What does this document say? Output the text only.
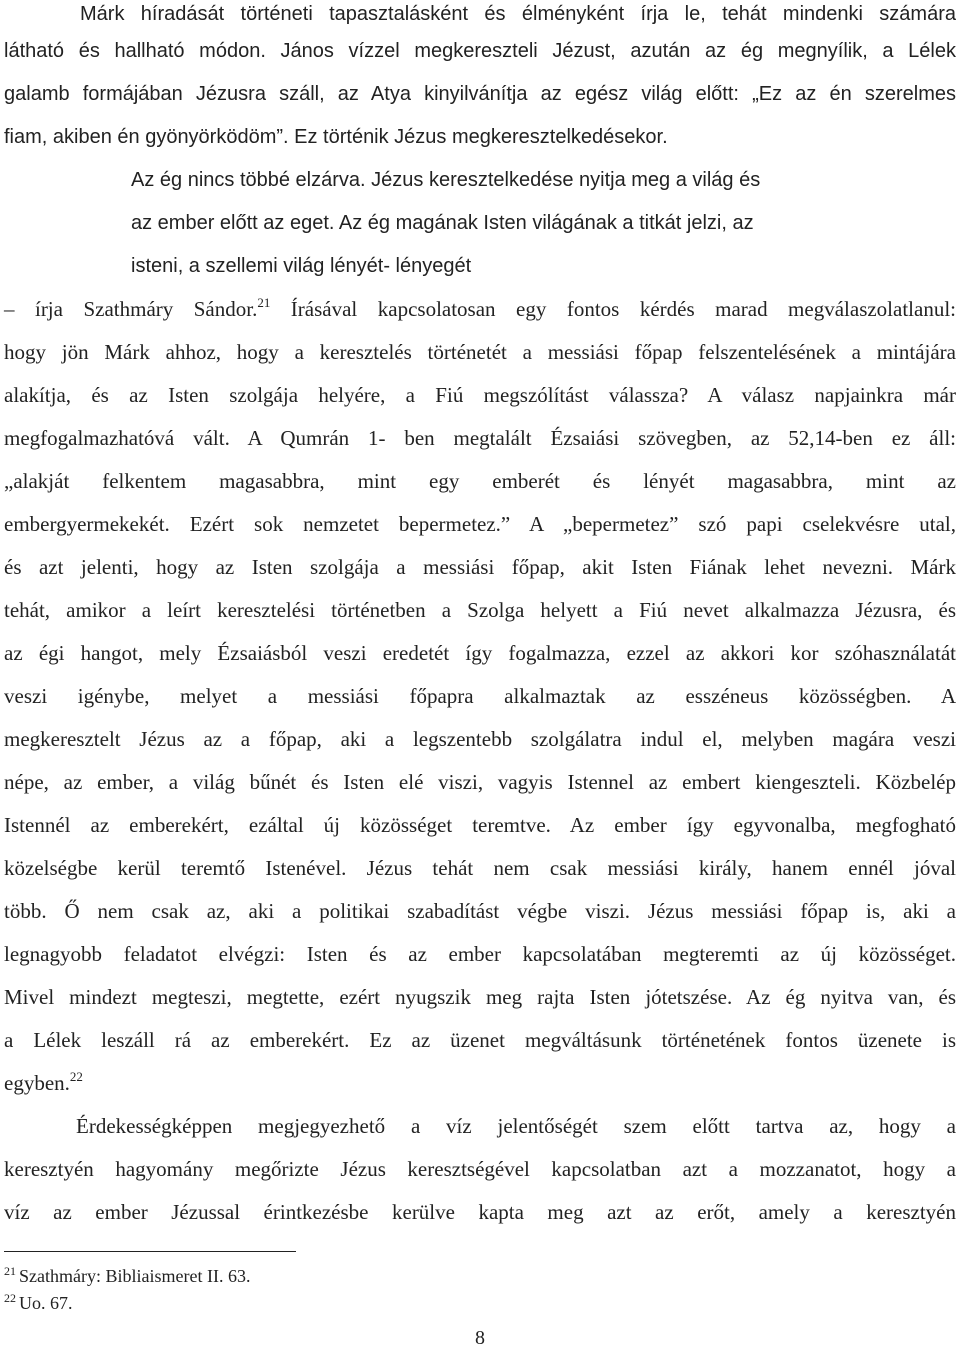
Márk híradását történeti tapasztalásként és élményként írja le, tehát mindenki számára
látható és hallható módon. János vízzel megkereszteli Jézust, azután az ég megnyílik, a Lélek
galamb formájában Jézusra száll, az Atya kinyilvánítja az egész világ előtt: „Ez az én szerelmes
fiam, akiben én gyönyörködöm”. Ez történik Jézus megkeresztelkedésekor.
Az ég nincs többé elzárva. Jézus keresztelkedése nyitja meg a világ és
az ember előtt az eget. Az ég magának Isten világának a titkát jelzi, az
isteni, a szellemi világ lényét- lényegét
– írja Szathmáry Sándor.$^{21}$ Írásával kapcsolatosan egy fontos kérdés marad megválaszolatlanul:
hogy jön Márk ahhoz, hogy a keresztelés történetét a messiási főpap felszentelésének a mintájára
alakítja, és az Isten szolgája helyére, a Fiú megszólítást válassza? A válasz napjainkra már
megfogalmazhatóvá vált. A Qumrán 1- ben megtalált Ézsaiási szövegben, az 52,14-ben ez áll:
„alakját felkentem magasabbra, mint egy emberét és lényét magasabbra, mint az
embergyermekekét. Ezért sok nemzetet bepermetez.” A „bepermetez” szó papi cselekvésre utal,
és azt jelenti, hogy az Isten szolgája a messiási főpap, akit Isten Fiának lehet nevezni. Márk
tehát, amikor a leírt keresztelési történetben a Szolga helyett a Fiú nevet alkalmazza Jézusra, és
az égi hangot, mely Ézsaiásból veszi eredetét így fogalmazza, ezzel az akkori kor szóhasználatát
veszi igénybe, melyet a messiási főpapra alkalmaztak az esszéneus közösségben. A
megkeresztelt Jézus az a főpap, aki a legszentebb szolgálatra indul el, melyben magára veszi
népe, az ember, a világ bűnét és Isten elé viszi, vagyis Istennel az embert kiengeszteli. Közbelép
Istennél az emberekért, ezáltal új közösséget teremtve. Az ember így egyvonalba, megfogható
közelségbe kerül teremtő Istenével. Jézus tehát nem csak messiási király, hanem ennél jóval
több. Ő nem csak az, aki a politikai szabadítást végbe viszi. Jézus messiási főpap is, aki a
legnagyobb feladatot elvégzi: Isten és az ember kapcsolatában megteremti az új közösséget.
Mivel mindezt megteszi, megtette, ezért nyugszik meg rajta Isten jótetszése. Az ég nyitva van, és
a Lélek leszáll rá az emberekért. Ez az üzenet megváltásunk történetének fontos üzenete is
egyben.$^{22}$
Érdekességképpen megjegyezhető a víz jelentőségét szem előtt tartva az, hogy a
keresztyén hagyomány megőrizte Jézus keresztségével kapcsolatban azt a mozzanatot, hogy a
víz az ember Jézussal érintkezésbe kerülve kapta meg azt az erőt, amely a keresztyén
$^{21}$ Szathmáry: Bibliaismeret II. 63.
$^{22}$ Uo. 67.
8
